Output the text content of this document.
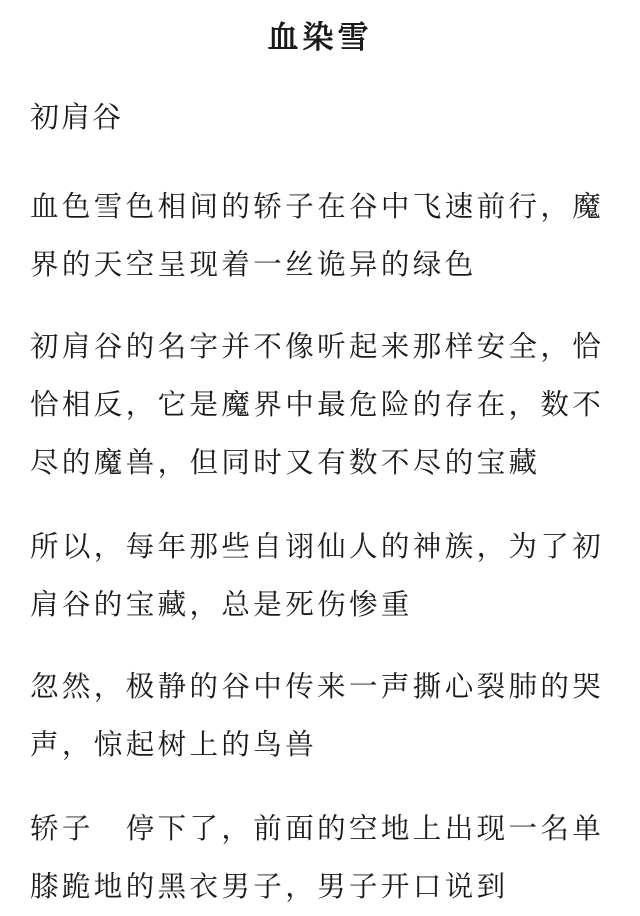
血染雪
初肩谷

血色雪色相间的轿子在谷中飞速前行，魔界的天空呈现着一丝诡异的绿色

初肩谷的名字并不像听起来那样安全，恰恰相反，它是魔界中最危险的存在，数不尽的魔兽，但同时又有数不尽的宝藏

所以，每年那些自诩仙人的神族，为了初肩谷的宝藏，总是死伤惨重

忽然，极静的谷中传来一声撕心裂肺的哭声，惊起树上的鸟兽

轿子　停下了，前面的空地上出现一名单膝跪地的黑衣男子，男子开口说到
